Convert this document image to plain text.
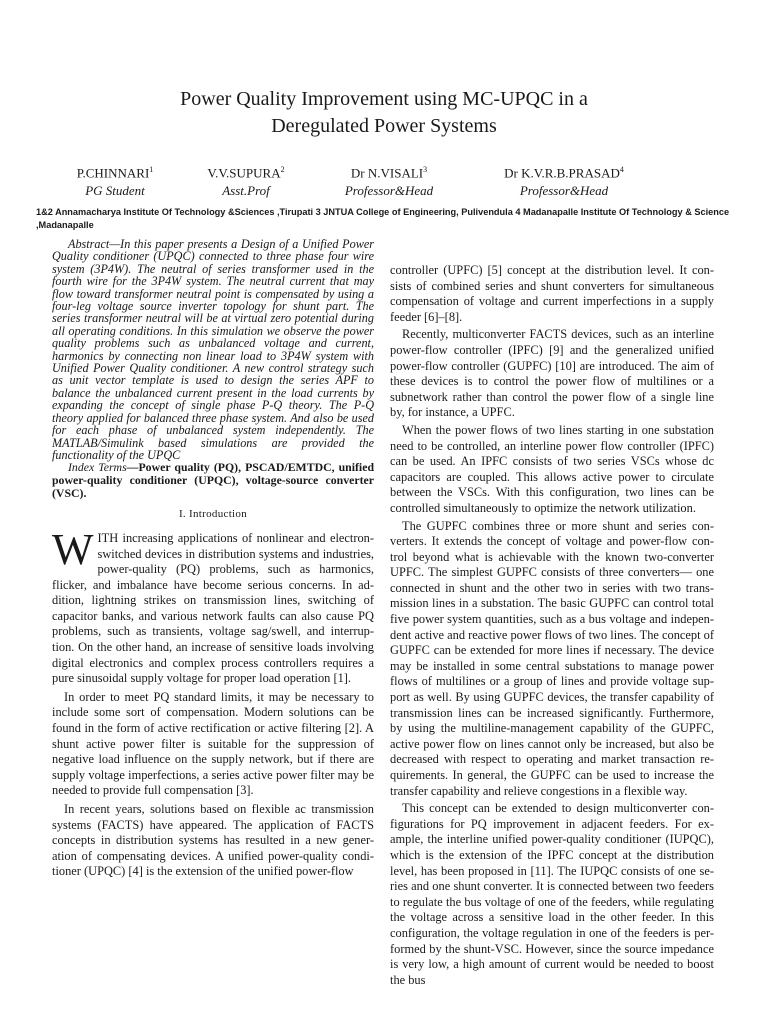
Power Quality Improvement using MC-UPQC in a
Deregulated Power Systems
P.CHINNARI$^1$
PG Student
V.V.SUPURA$^2$
Asst.Prof
Dr N.VISALI$^3$
Professor&Head
Dr K.V.R.B.PRASAD$^4$
Professor&Head
1&2 Annamacharya Institute Of Technology &Sciences ,Tirupati 3 JNTUA College of Engineering, Pulivendula 4 Madanapalle Institute Of Technology & Science ,Madanapalle

Abstract—In this paper presents a Design of a Unified Power Quality conditioner (UPQC) connected to three phase four wire system (3P4W). The neutral of series transformer used in the fourth wire for the 3P4W system. The neutral current that may flow toward transformer neutral point is compensated by using a four-leg voltage source inverter topology for shunt part. The series transformer neutral will be at virtual zero potential during all operating conditions. In this simulation we observe the power quality problems such as unbalanced voltage and current, harmonics by connecting non linear load to 3P4W system with Unified Power Quality conditioner. A new control strategy such as unit vector template is used to design the series APF to balance the unbalanced current present in the load currents by expanding the concept of single phase P-Q theory. The P-Q theory applied for balanced three phase system. And also be used for each phase of unbalanced system independently. The MATLAB/Simulink based simulations are provided the functionality of the UPQC

Index Terms—Power quality (PQ), PSCAD/EMTDC, unified power-quality conditioner (UPQC), voltage-source converter (VSC).

I. Introduction

WITH increasing applications of nonlinear and electron-switched devices in distribution systems and industries, power-quality (PQ) problems, such as harmonics, flicker, and imbalance have become serious concerns. In ad- dition, lightning strikes on transmission lines, switching of capacitor banks, and various network faults can also cause PQ problems, such as transients, voltage sag/swell, and interrup- tion. On the other hand, an increase of sensitive loads involving digital electronics and complex process controllers requires a pure sinusoidal supply voltage for proper load operation [1].

In order to meet PQ standard limits, it may be necessary to include some sort of compensation. Modern solutions can be found in the form of active rectification or active filtering [2]. A shunt active power filter is suitable for the suppression of negative load influence on the supply network, but if there are supply voltage imperfections, a series active power filter may be needed to provide full compensation [3].

In recent years, solutions based on flexible ac transmission systems (FACTS) have appeared. The application of FACTS concepts in distribution systems has resulted in a new gener- ation of compensating devices. A unified power-quality condi- tioner (UPQC) [4] is the extension of the unified power-flow

controller (UPFC) [5] concept at the distribution level. It con- sists of combined series and shunt converters for simultaneous compensation of voltage and current imperfections in a supply feeder [6]–[8].

Recently, multiconverter FACTS devices, such as an interline power-flow controller (IPFC) [9] and the generalized unified power-flow controller (GUPFC) [10] are introduced. The aim of these devices is to control the power flow of multilines or a subnetwork rather than control the power flow of a single line by, for instance, a UPFC.

When the power flows of two lines starting in one substation need to be controlled, an interline power flow controller (IPFC) can be used. An IPFC consists of two series VSCs whose dc capacitors are coupled. This allows active power to circulate between the VSCs. With this configuration, two lines can be controlled simultaneously to optimize the network utilization.

The GUPFC combines three or more shunt and series con- verters. It extends the concept of voltage and power-flow con- trol beyond what is achievable with the known two-converter UPFC. The simplest GUPFC consists of three converters— one connected in shunt and the other two in series with two trans- mission lines in a substation. The basic GUPFC can control total five power system quantities, such as a bus voltage and indepen- dent active and reactive power flows of two lines. The concept of GUPFC can be extended for more lines if necessary. The device may be installed in some central substations to manage power flows of multilines or a group of lines and provide voltage sup- port as well. By using GUPFC devices, the transfer capability of transmission lines can be increased significantly. Furthermore, by using the multiline-management capability of the GUPFC, active power flow on lines cannot only be increased, but also be decreased with respect to operating and market transaction re- quirements. In general, the GUPFC can be used to increase the transfer capability and relieve congestions in a flexible way.

This concept can be extended to design multiconverter con- figurations for PQ improvement in adjacent feeders. For ex- ample, the interline unified power-quality conditioner (IUPQC), which is the extension of the IPFC concept at the distribution level, has been proposed in [11]. The IUPQC consists of one se- ries and one shunt converter. It is connected between two feeders to regulate the bus voltage of one of the feeders, while regulating the voltage across a sensitive load in the other feeder. In this configuration, the voltage regulation in one of the feeders is per- formed by the shunt-VSC. However, since the source impedance is very low, a high amount of current would be needed to boost the bus
